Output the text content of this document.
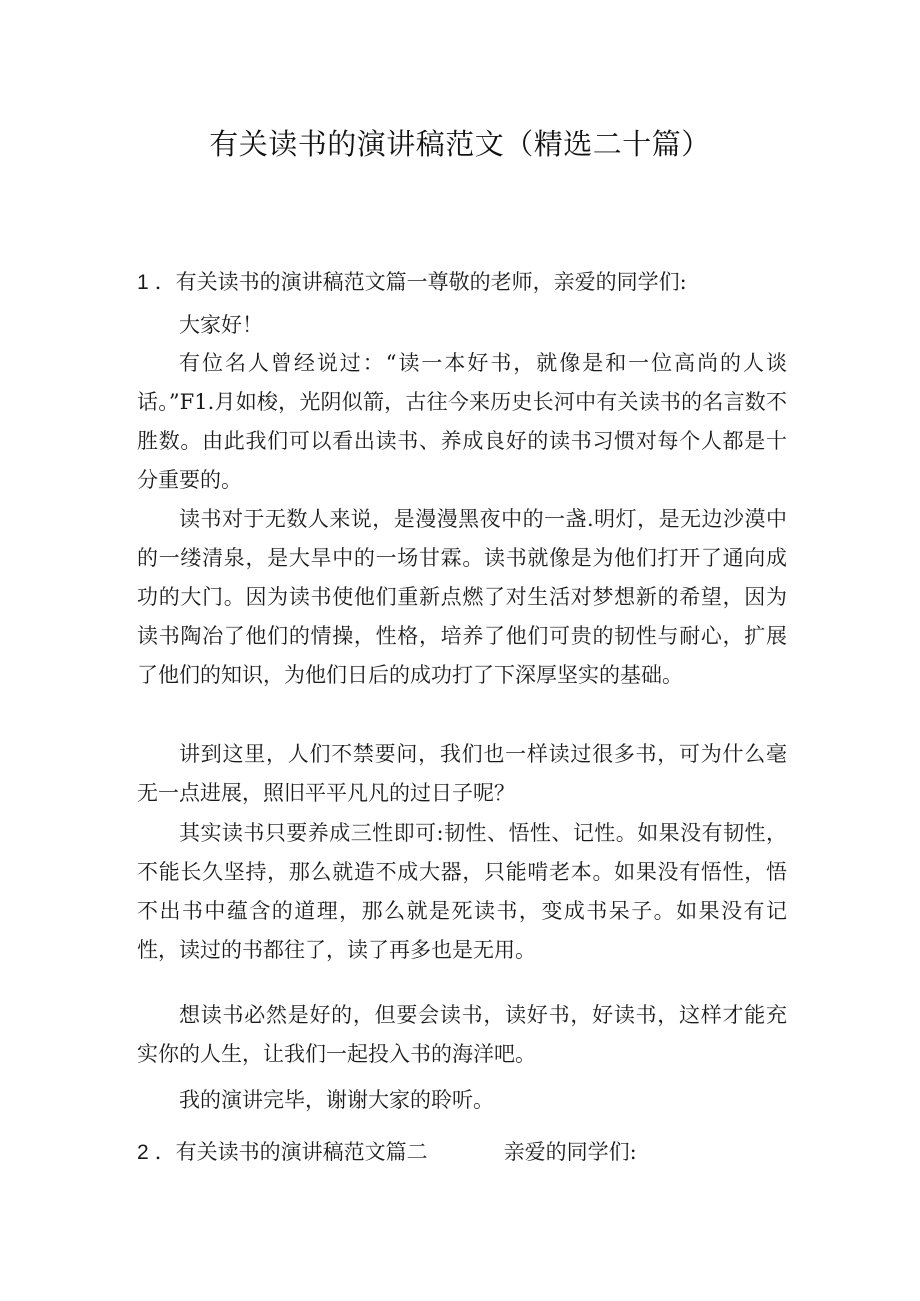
有关读书的演讲稿范文（精选二十篇）
1 ．有关读书的演讲稿范文篇一尊敬的老师，亲爱的同学们:
大家好！
有位名人曾经说过：“读一本好书，就像是和一位高尚的人谈话。”F1.月如梭，光阴似箭，古往今来历史长河中有关读书的名言数不胜数。由此我们可以看出读书、养成良好的读书习惯对每个人都是十分重要的。
读书对于无数人来说，是漫漫黑夜中的一盏.明灯，是无边沙漠中的一缕清泉，是大旱中的一场甘霖。读书就像是为他们打开了通向成功的大门。因为读书使他们重新点燃了对生活对梦想新的希望，因为读书陶冶了他们的情操，性格，培养了他们可贵的韧性与耐心，扩展了他们的知识，为他们日后的成功打了下深厚坚实的基础。
讲到这里，人们不禁要问，我们也一样读过很多书，可为什么毫无一点进展，照旧平平凡凡的过日子呢？
其实读书只要养成三性即可:韧性、悟性、记性。如果没有韧性，不能长久坚持，那么就造不成大器，只能啃老本。如果没有悟性，悟不出书中蕴含的道理，那么就是死读书，变成书呆子。如果没有记性，读过的书都往了，读了再多也是无用。
想读书必然是好的，但要会读书，读好书，好读书，这样才能充实你的人生，让我们一起投入书的海洋吧。
我的演讲完毕，谢谢大家的聆听。
2 ．有关读书的演讲稿范文篇二	亲爱的同学们:
